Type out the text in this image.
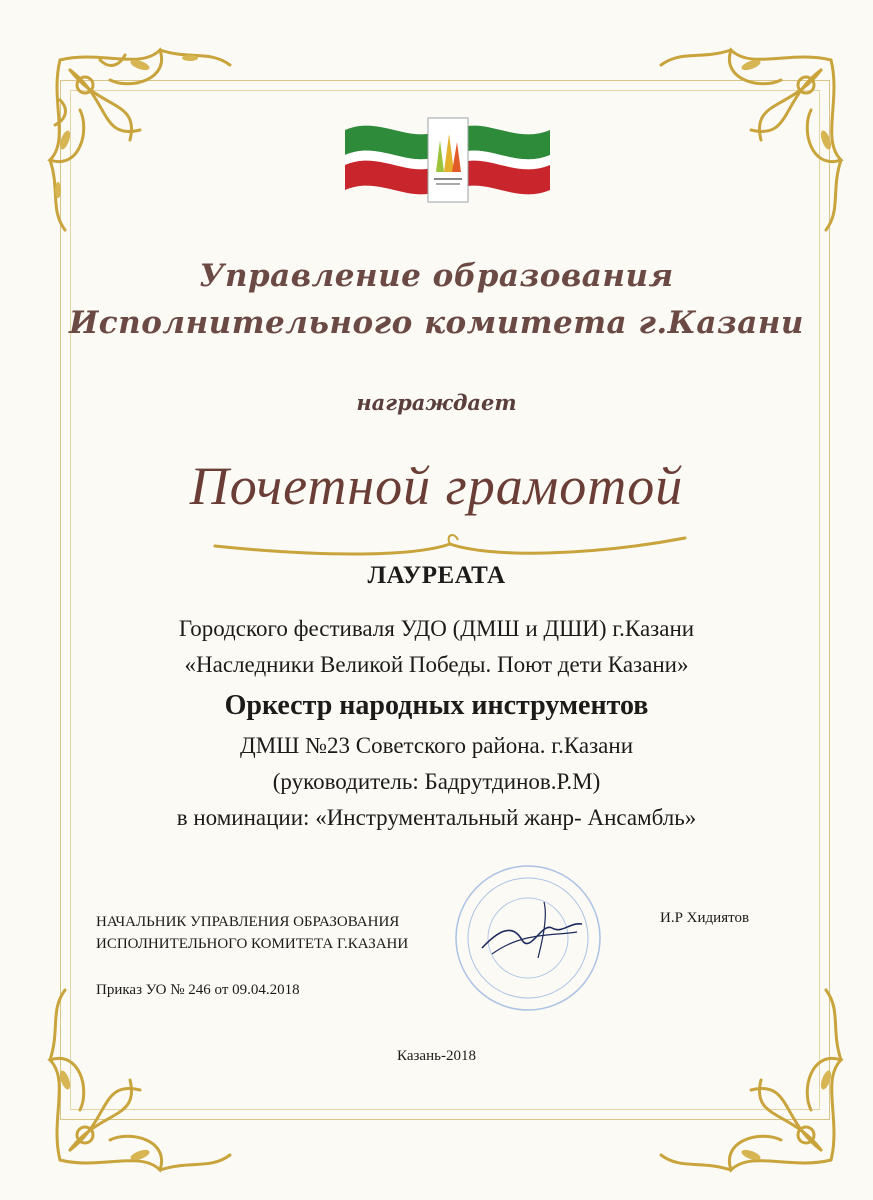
Управление образования
Исполнительного комитета г.Казани
награждает
Почетной грамотой
ЛАУРЕАТА
Городского фестиваля УДО (ДМШ и ДШИ) г.Казани
«Наследники Великой Победы. Поют дети Казани»
Оркестр народных инструментов
ДМШ №23 Советского района. г.Казани
(руководитель: Бадрутдинов.Р.М)
в номинации: «Инструментальный жанр- Ансамбль»
НАЧАЛЬНИК УПРАВЛЕНИЯ ОБРАЗОВАНИЯ
ИСПОЛНИТЕЛЬНОГО КОМИТЕТА Г.КАЗАНИ
И.Р Хидиятов
Приказ УО № 246 от 09.04.2018
Казань-2018
